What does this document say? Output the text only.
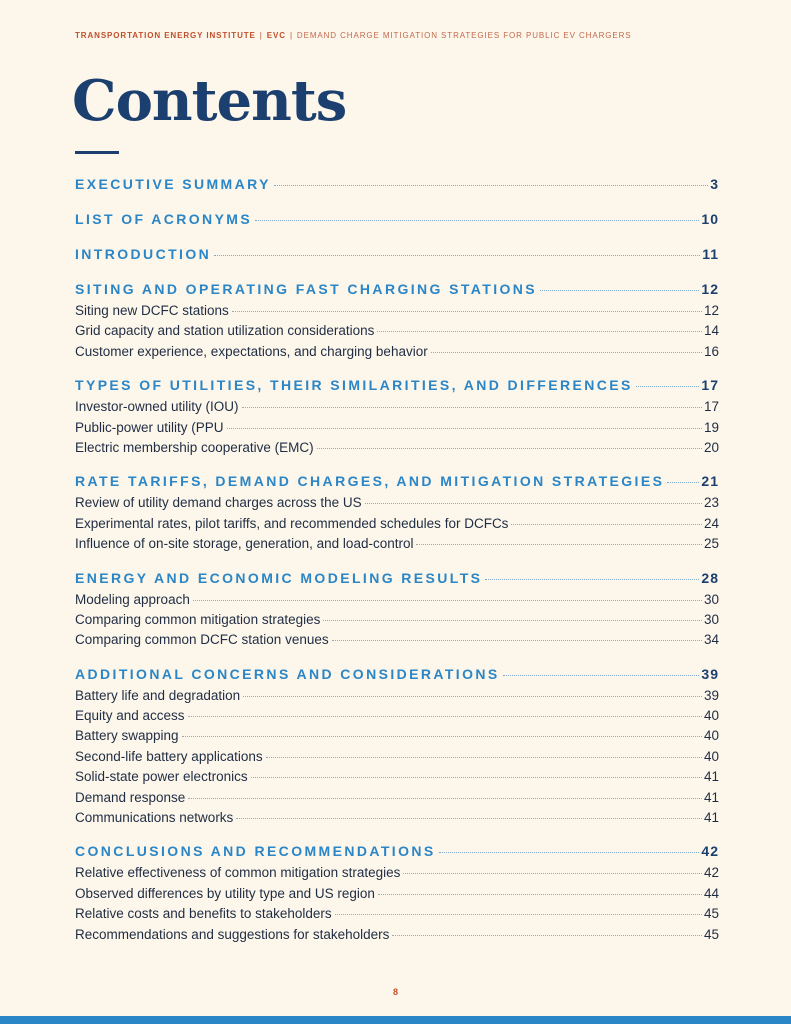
TRANSPORTATION ENERGY INSTITUTE | EVC | DEMAND CHARGE MITIGATION STRATEGIES FOR PUBLIC EV CHARGERS
Contents
EXECUTIVE SUMMARY	3
LIST OF ACRONYMS	10
INTRODUCTION	11
SITING AND OPERATING FAST CHARGING STATIONS	12
Siting new DCFC stations	12
Grid capacity and station utilization considerations	14
Customer experience, expectations, and charging behavior	16
TYPES OF UTILITIES, THEIR SIMILARITIES, AND DIFFERENCES	17
Investor-owned utility (IOU)	17
Public-power utility (PPU	19
Electric membership cooperative (EMC)	20
RATE TARIFFS, DEMAND CHARGES, AND MITIGATION STRATEGIES	21
Review of utility demand charges across the US	23
Experimental rates, pilot tariffs, and recommended schedules for DCFCs	24
Influence of on-site storage, generation, and load-control	25
ENERGY AND ECONOMIC MODELING RESULTS	28
Modeling approach	30
Comparing common mitigation strategies	30
Comparing common DCFC station venues	34
ADDITIONAL CONCERNS AND CONSIDERATIONS	39
Battery life and degradation	39
Equity and access	40
Battery swapping	40
Second-life battery applications	40
Solid-state power electronics	41
Demand response	41
Communications networks	41
CONCLUSIONS AND RECOMMENDATIONS	42
Relative effectiveness of common mitigation strategies	42
Observed differences by utility type and US region	44
Relative costs and benefits to stakeholders	45
Recommendations and suggestions for stakeholders	45
8
